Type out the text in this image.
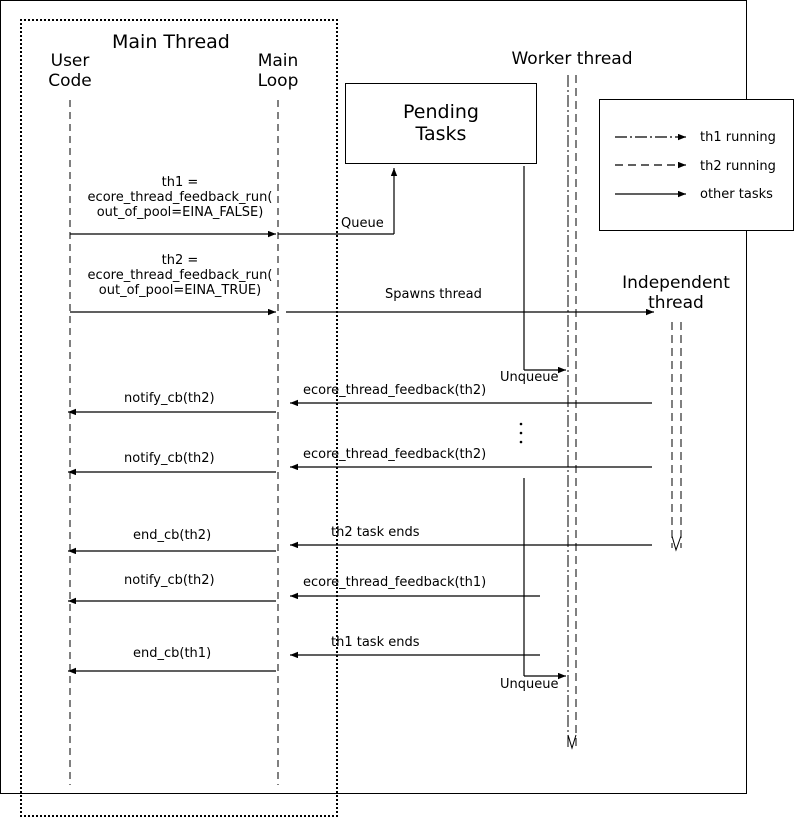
Main Thread
User
Code
Main
Loop
Worker thread
Independent
thread
Pending
Tasks	th1 running
th2 running
other tasks
th1 =
ecore_thread_feedback_run(
out_of_pool=EINA_FALSE)
Queue
th2 =
ecore_thread_feedback_run(
out_of_pool=EINA_TRUE)	Spawns thread
Unqueue
notify_cb(th2)
ecore_thread_feedback(th2)
notify_cb(th2)	ecore_thread_feedback(th2)
end_cb(th2)	th2 task ends
notify_cb(th2)	ecore_thread_feedback(th1)
end_cb(th1)
th1 task ends
Unqueue
